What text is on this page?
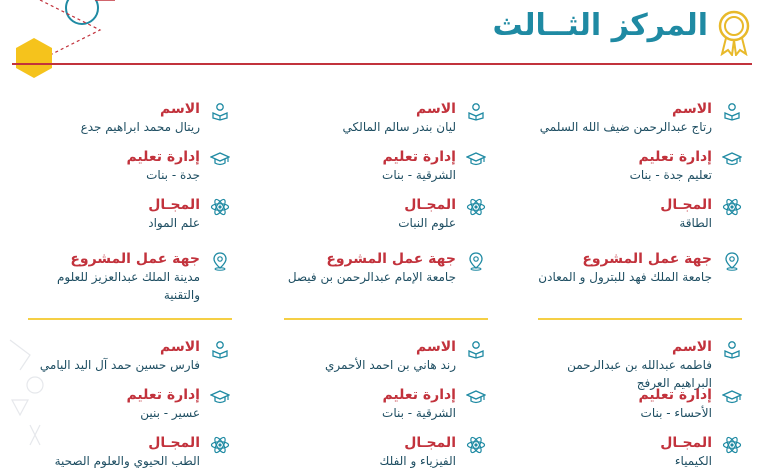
المركز الثــالث
الاسم
رتاج عبدالرحمن ضيف الله السلمي
إدارة تعليم
تعليم جدة - بنات
المجـال
الطاقة
جهة عمل المشروع
جامعة الملك فهد للبترول و المعادن
الاسم
ليان بندر سالم المالكي
إدارة تعليم
الشرقية - بنات
المجـال
علوم النبات
جهة عمل المشروع
جامعة الإمام عبدالرحمن بن فيصل
الاسم
ريتال محمد ابراهيم جدع
إدارة تعليم
جدة - بنات
المجـال
علم المواد
جهة عمل المشروع
مدينة الملك عبدالعزيز للعلوم والتقنية
الاسم
فاطمه عبدالله بن عبدالرحمن البراهيم العرفج
إدارة تعليم
الأحساء - بنات
المجـال
الكيمياء
الاسم
رند هاني بن احمد الأحمري
إدارة تعليم
الشرقية - بنات
المجـال
الفيزياء و الفلك
الاسم
فارس حسين حمد آل اليد اليامي
إدارة تعليم
عسير - بنين
المجـال
الطب الحيوي والعلوم الصحية
